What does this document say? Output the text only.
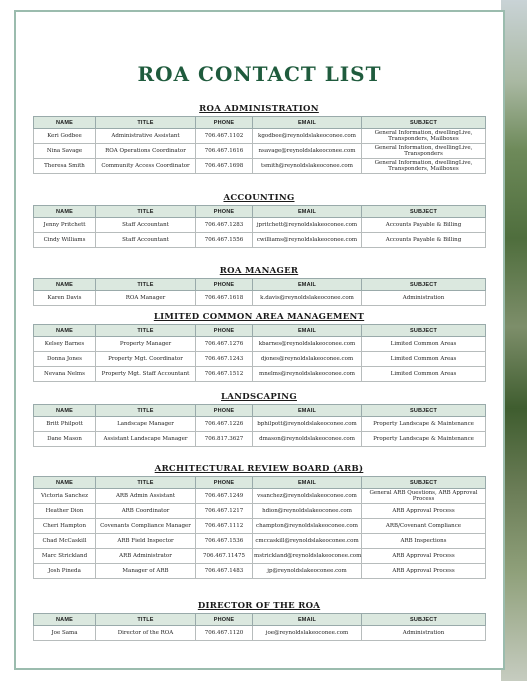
ROA CONTACT LIST
ROA ADMINISTRATION
NAME	TITLE	PHONE	EMAIL	SUBJECT
Keri Godbee	Administrative Assistant	706.467.1102	kgodbee@reynoldslakeoconee.com	General Information, dwellingLive, Transponders, Mailboxes
Nina Savage	ROA Operations Coordinator	706.467.1616	nsavage@reynoldslakeoconee.com	General Information, dwellingLive, Transponders
Theresa Smith	Community Access Coordinator	706.467.1698	tsmith@reynoldslakeoconee.com	General Information, dwellingLive, Transponders, Mailboxes
ACCOUNTING
NAME	TITLE	PHONE	EMAIL	SUBJECT
Jenny Pritchett	Staff Accountant	706.467.1283	jpritchett@reynoldslakeoconee.com	Accounts Payable & Billing
Cindy Williams	Staff Accountant	706.467.1556	cwilliams@reynoldslakeoconee.com	Accounts Payable & Billing
ROA MANAGER
NAME	TITLE	PHONE	EMAIL	SUBJECT
Karen Davis	ROA Manager	706.467.1618	k.davis@reynoldslakeoconee.com	Administration
LIMITED COMMON AREA MANAGEMENT
NAME	TITLE	PHONE	EMAIL	SUBJECT
Kelsey Barnes	Property Manager	706.467.1276	kbarnes@reynoldslakeoconee.com	Limited Common Areas
Donna Jones	Property Mgt. Coordinator	706.467.1243	djones@reynoldslakeoconee.com	Limited Common Areas
Nevana Nelms	Property Mgt. Staff Accountant	706.467.1512	mnelms@reynoldslakeoconee.com	Limited Common Areas
LANDSCAPING
NAME	TITLE	PHONE	EMAIL	SUBJECT
Britt Philpott	Landscape Manager	706.467.1226	bphilpott@reynoldslakeoconee.com	Property Landscape & Maintenance
Dane Mason	Assistant Landscape Manager	706.817.3627	dmason@reynoldslakeoconee.com	Property Landscape & Maintenance
ARCHITECTURAL REVIEW BOARD (ARB)
NAME	TITLE	PHONE	EMAIL	SUBJECT
Victoria Sanchez	ARB Admin Assistant	706.467.1249	vsanchez@reynoldslakeoconee.com	General ARB Questions, ARB Approval Process
Heather Dion	ARB Coordinator	706.467.1217	hdion@reynoldslakeoconee.com	ARB Approval Process
Cheri Hampton	Covenants Compliance Manager	706.467.1112	champton@reynoldslakeoconee.com	ARB/Covenant Compliance
Chad McCaskill	ARB Field Inspector	706.467.1536	cmccaskill@reynoldslakeoconee.com	ARB Inspections
Marc Strickland	ARB Administrator	706.467.11475	mstrickland@reynoldslakeoconee.com	ARB Approval Process
Josh Pineda	Manager of ARB	706.467.1483	jp@reynoldslakeoconee.com	ARB Approval Process
DIRECTOR OF THE ROA
NAME	TITLE	PHONE	EMAIL	SUBJECT
Joe Sama	Director of the ROA	706.467.1120	joe@reynoldslakeoconee.com	Administration
